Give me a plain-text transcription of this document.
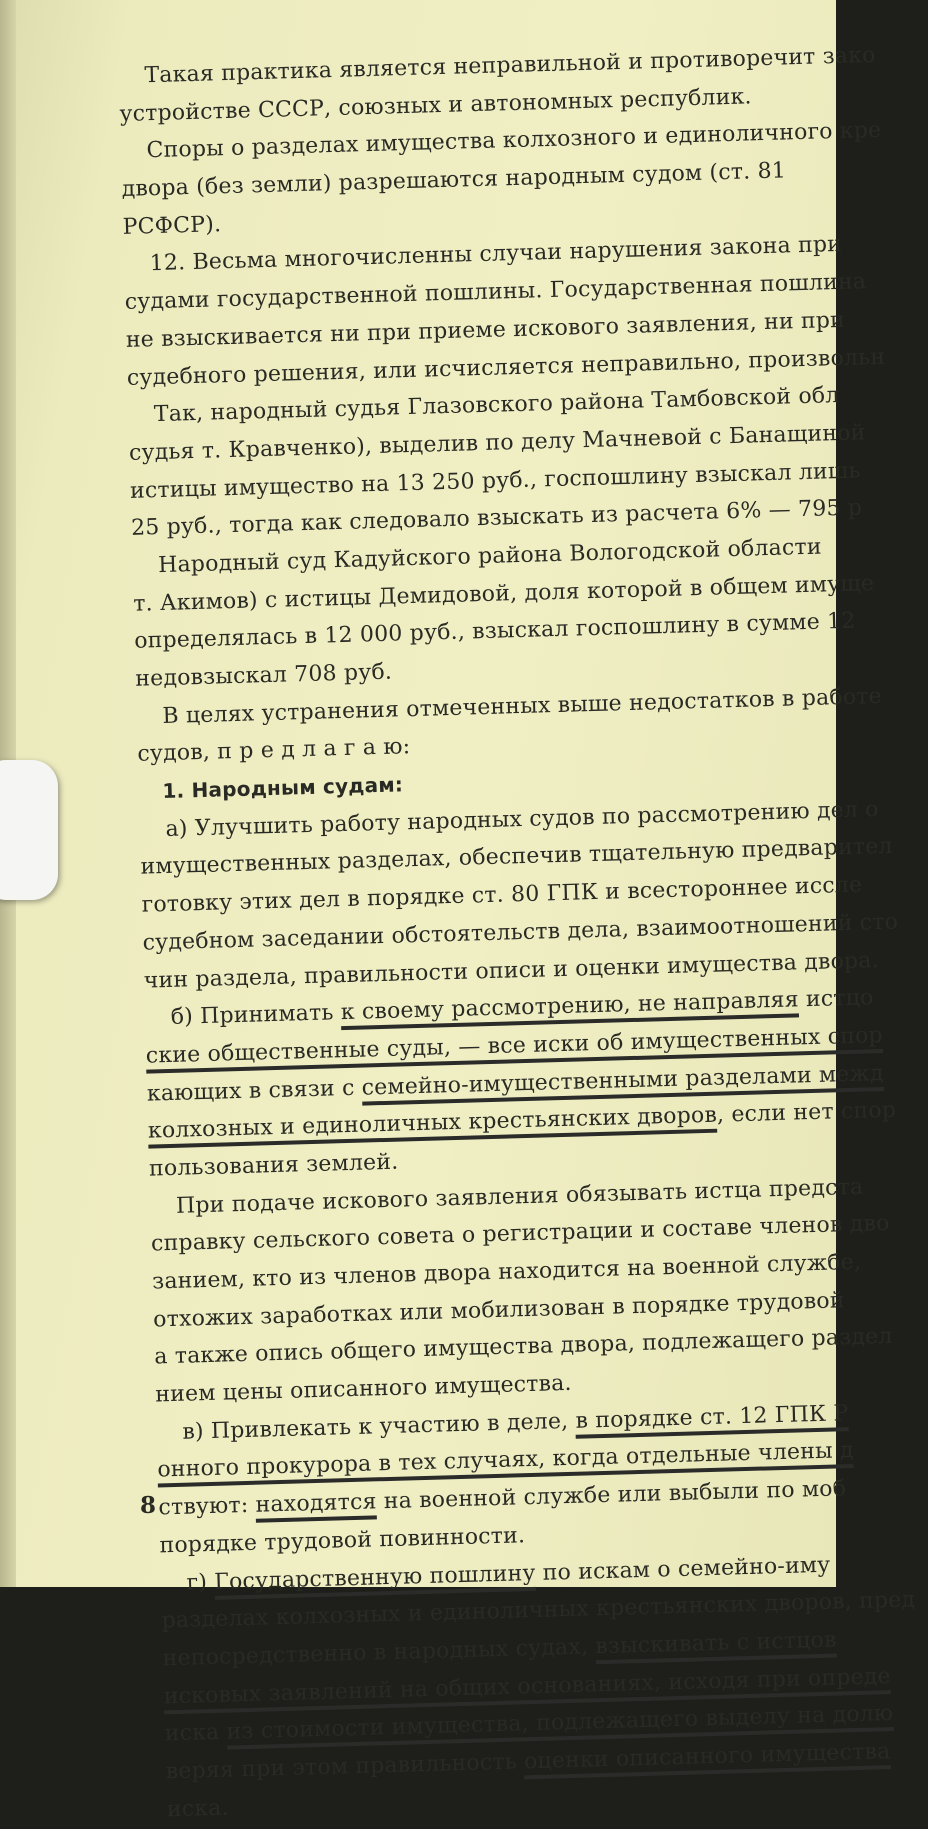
Такая практика является неправильной и противоречит зако
устройстве СССР, союзных и автономных республик.
Споры о разделах имущества колхозного и единоличного кре
двора (без земли) разрешаются народным судом (ст. 81
РСФСР).
12. Весьма многочисленны случаи нарушения закона при
судами государственной пошлины. Государственная пошлина
не взыскивается ни при приеме искового заявления, ни при
судебного решения, или исчисляется неправильно, произвольн
Так, народный судья Глазовского района Тамбовской обл
судья т. Кравченко), выделив по делу Мачневой с Банащиной
истицы имущество на 13 250 руб., госпошлину взыскал лишь
25 руб., тогда как следовало взыскать из расчета 6% — 795 р
Народный суд Кадуйского района Вологодской области
т. Акимов) с истицы Демидовой, доля которой в общем имуще
определялась в 12 000 руб., взыскал госпошлину в сумме 12
недовзыскал 708 руб.
В целях устранения отмеченных выше недостатков в работе
судов, п р е д л а г а ю:
1. Народным судам:
а) Улучшить работу народных судов по рассмотрению дел о
имущественных разделах, обеспечив тщательную предварител
готовку этих дел в порядке ст. 80 ГПК и всестороннее иссле
судебном заседании обстоятельств дела, взаимоотношений сто
чин раздела, правильности описи и оценки имущества двора.
б) Принимать к своему рассмотрению, не направляя истцо
ские общественные суды, — все иски об имущественных спор
кающих в связи с семейно-имущественными разделами межд
колхозных и единоличных крестьянских дворов, если нет спор
пользования землей.
При подаче искового заявления обязывать истца предста
справку сельского совета о регистрации и составе членов дво
занием, кто из членов двора находится на военной службе,
отхожих заработках или мобилизован в порядке трудовой
а также опись общего имущества двора, подлежащего раздел
нием цены описанного имущества.
в) Привлекать к участию в деле, в порядке ст. 12 ГПК Р
онного прокурора в тех случаях, когда отдельные члены д
ствуют: находятся на военной службе или выбыли по моб
порядке трудовой повинности.
г) Государственную пошлину по искам о семейно-иму
разделах колхозных и единоличных крестьянских дворов, пред
непосредственно в народных судах, взыскивать с истцов
исковых заявлений на общих основаниях, исходя при опреде
иска из стоимости имущества, подлежащего выделу на долю
веряя при этом правильность оценки описанного имущества
иска.
8
